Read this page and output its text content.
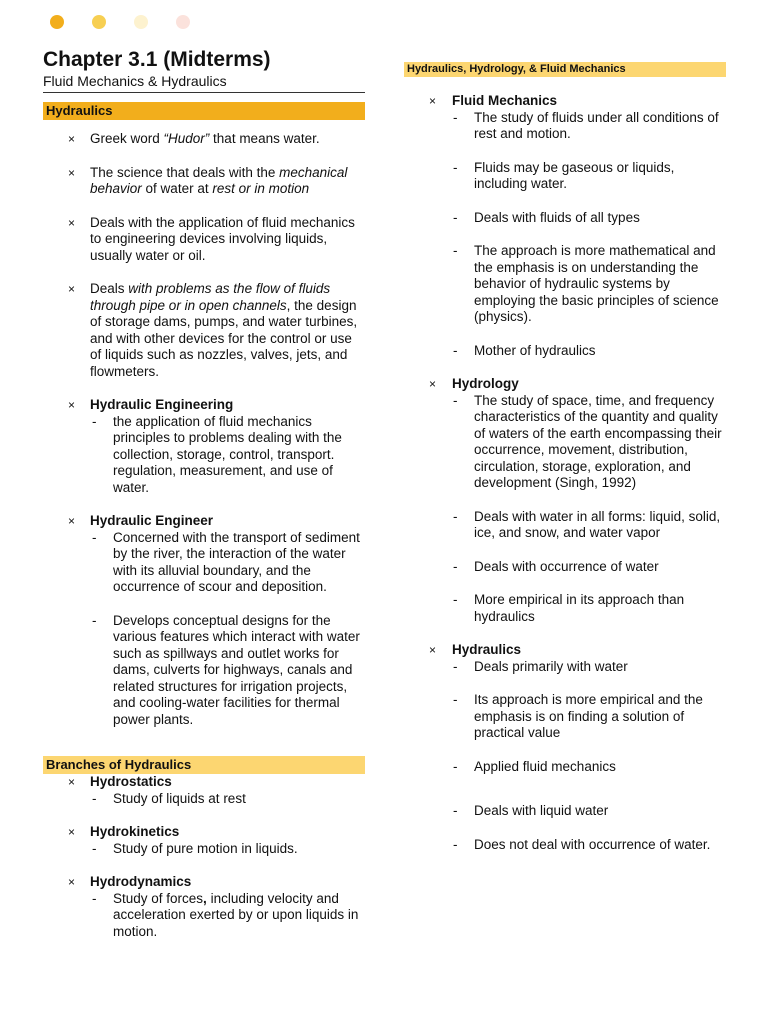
Chapter 3.1 (Midterms)

Fluid Mechanics & Hydraulics

Hydraulics
× Greek word “Hudor” that means water.
× The science that deals with the mechanical behavior of water at rest or in motion
× Deals with the application of fluid mechanics to engineering devices involving liquids, usually water or oil.
× Deals with problems as the flow of fluids through pipe or in open channels, the design of storage dams, pumps, and water turbines, and with other devices for the control or use of liquids such as nozzles, valves, jets, and flowmeters.
× Hydraulic Engineering
- the application of fluid mechanics principles to problems dealing with the collection, storage, control, transport. regulation, measurement, and use of water.
× Hydraulic Engineer
- Concerned with the transport of sediment by the river, the interaction of the water with its alluvial boundary, and the occurrence of scour and deposition.
- Develops conceptual designs for the various features which interact with water such as spillways and outlet works for dams, culverts for highways, canals and related structures for irrigation projects, and cooling-water facilities for thermal power plants.
Branches of Hydraulics
× Hydrostatics
- Study of liquids at rest
× Hydrokinetics
- Study of pure motion in liquids.
× Hydrodynamics
- Study of forces, including velocity and acceleration exerted by or upon liquids in motion.
Hydraulics, Hydrology, & Fluid Mechanics
× Fluid Mechanics
- The study of fluids under all conditions of rest and motion.
- Fluids may be gaseous or liquids, including water.
- Deals with fluids of all types
- The approach is more mathematical and the emphasis is on understanding the behavior of hydraulic systems by employing the basic principles of science (physics).
- Mother of hydraulics
× Hydrology
- The study of space, time, and frequency characteristics of the quantity and quality of waters of the earth encompassing their occurrence, movement, distribution, circulation, storage, exploration, and development (Singh, 1992)
- Deals with water in all forms: liquid, solid, ice, and snow, and water vapor
- Deals with occurrence of water
- More empirical in its approach than hydraulics
× Hydraulics
- Deals primarily with water
- Its approach is more empirical and the emphasis is on finding a solution of practical value
- Applied fluid mechanics
- Deals with liquid water
- Does not deal with occurrence of water.
